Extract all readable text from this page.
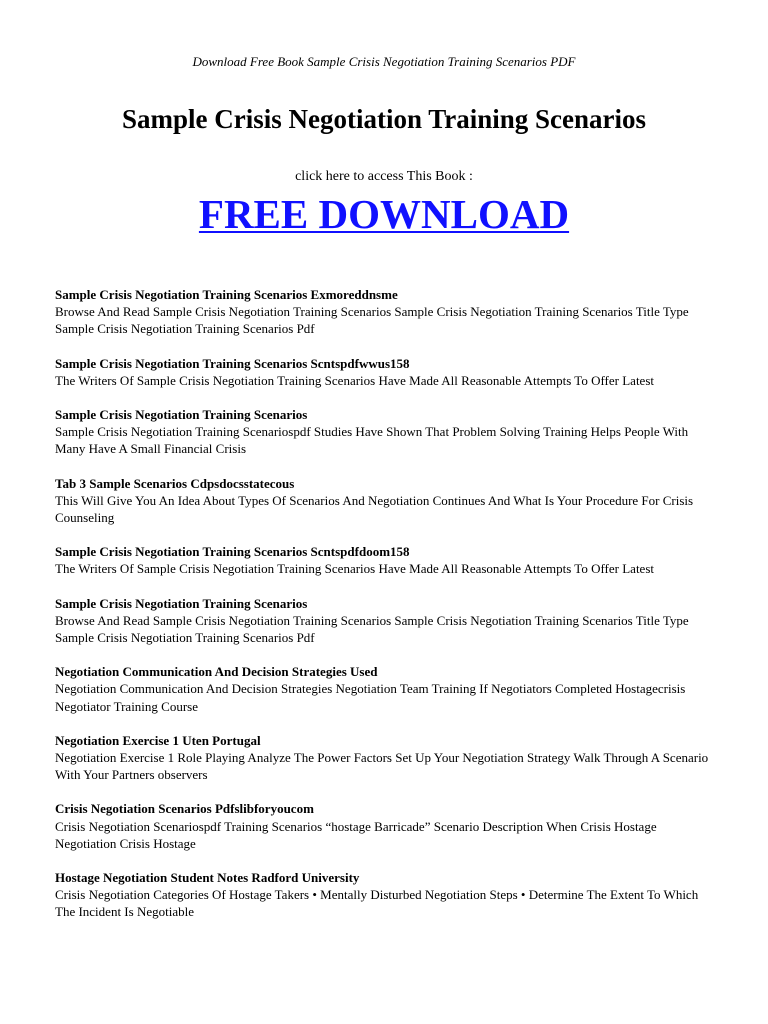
Download Free Book Sample Crisis Negotiation Training Scenarios PDF
Sample Crisis Negotiation Training Scenarios
click here to access This Book :
FREE DOWNLOAD
Sample Crisis Negotiation Training Scenarios Exmoreddnsme
Browse And Read Sample Crisis Negotiation Training Scenarios Sample Crisis Negotiation Training Scenarios Title Type Sample Crisis Negotiation Training Scenarios Pdf
Sample Crisis Negotiation Training Scenarios Scntspdfwwus158
The Writers Of Sample Crisis Negotiation Training Scenarios Have Made All Reasonable Attempts To Offer Latest
Sample Crisis Negotiation Training Scenarios
Sample Crisis Negotiation Training Scenariospdf Studies Have Shown That Problem Solving Training Helps People With Many Have A Small Financial Crisis
Tab 3 Sample Scenarios Cdpsdocsstatecous
This Will Give You An Idea About Types Of Scenarios And Negotiation Continues And What Is Your Procedure For Crisis Counseling
Sample Crisis Negotiation Training Scenarios Scntspdfdoom158
The Writers Of Sample Crisis Negotiation Training Scenarios Have Made All Reasonable Attempts To Offer Latest
Sample Crisis Negotiation Training Scenarios
Browse And Read Sample Crisis Negotiation Training Scenarios Sample Crisis Negotiation Training Scenarios Title Type Sample Crisis Negotiation Training Scenarios Pdf
Negotiation Communication And Decision Strategies Used
Negotiation Communication And Decision Strategies Negotiation Team Training If Negotiators Completed Hostagecrisis Negotiator Training Course
Negotiation Exercise 1 Uten Portugal
Negotiation Exercise 1 Role Playing Analyze The Power Factors Set Up Your Negotiation Strategy Walk Through A Scenario With Your Partners observers
Crisis Negotiation Scenarios Pdfslibforyoucom
Crisis Negotiation Scenariospdf Training Scenarios “hostage Barricade” Scenario Description When Crisis Hostage Negotiation Crisis Hostage
Hostage Negotiation Student Notes Radford University
Crisis Negotiation Categories Of Hostage Takers • Mentally Disturbed Negotiation Steps • Determine The Extent To Which The Incident Is Negotiable
